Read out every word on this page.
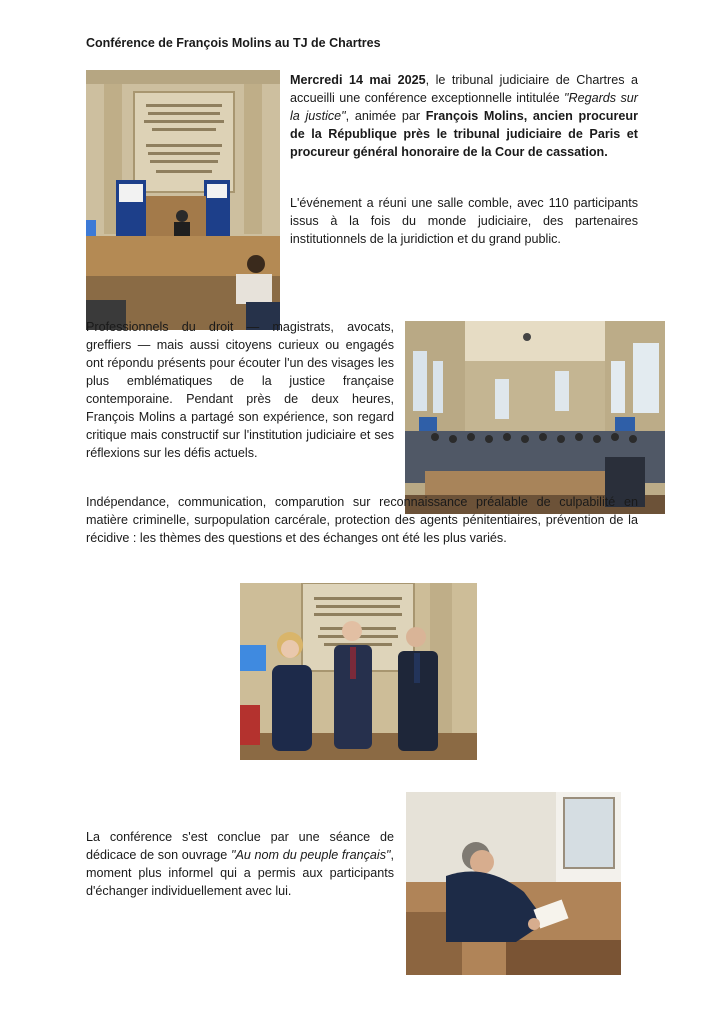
Conférence de François Molins au TJ de Chartres
Mercredi 14 mai 2025, le tribunal judiciaire de Chartres a accueilli une conférence exceptionnelle intitulée "Regards sur la justice", animée par François Molins, ancien procureur de la République près le tribunal judiciaire de Paris et procureur général honoraire de la Cour de cassation.
L'événement a réuni une salle comble, avec 110 participants issus à la fois du monde judiciaire, des partenaires institutionnels de la juridiction et du grand public.
Professionnels du droit — magistrats, avocats, greffiers — mais aussi citoyens curieux ou engagés ont répondu présents pour écouter l'un des visages les plus emblématiques de la justice française contemporaine. Pendant près de deux heures, François Molins a partagé son expérience, son regard critique mais constructif sur l'institution judiciaire et ses réflexions sur les défis actuels.
Indépendance, communication, comparution sur reconnaissance préalable de culpabilité en matière criminelle, surpopulation carcérale, protection des agents pénitentiaires, prévention de la récidive : les thèmes des questions et des échanges ont été les plus variés.
La conférence s'est conclue par une séance de dédicace de son ouvrage "Au nom du peuple français", moment plus informel qui a permis aux participants d'échanger individuellement avec lui.
